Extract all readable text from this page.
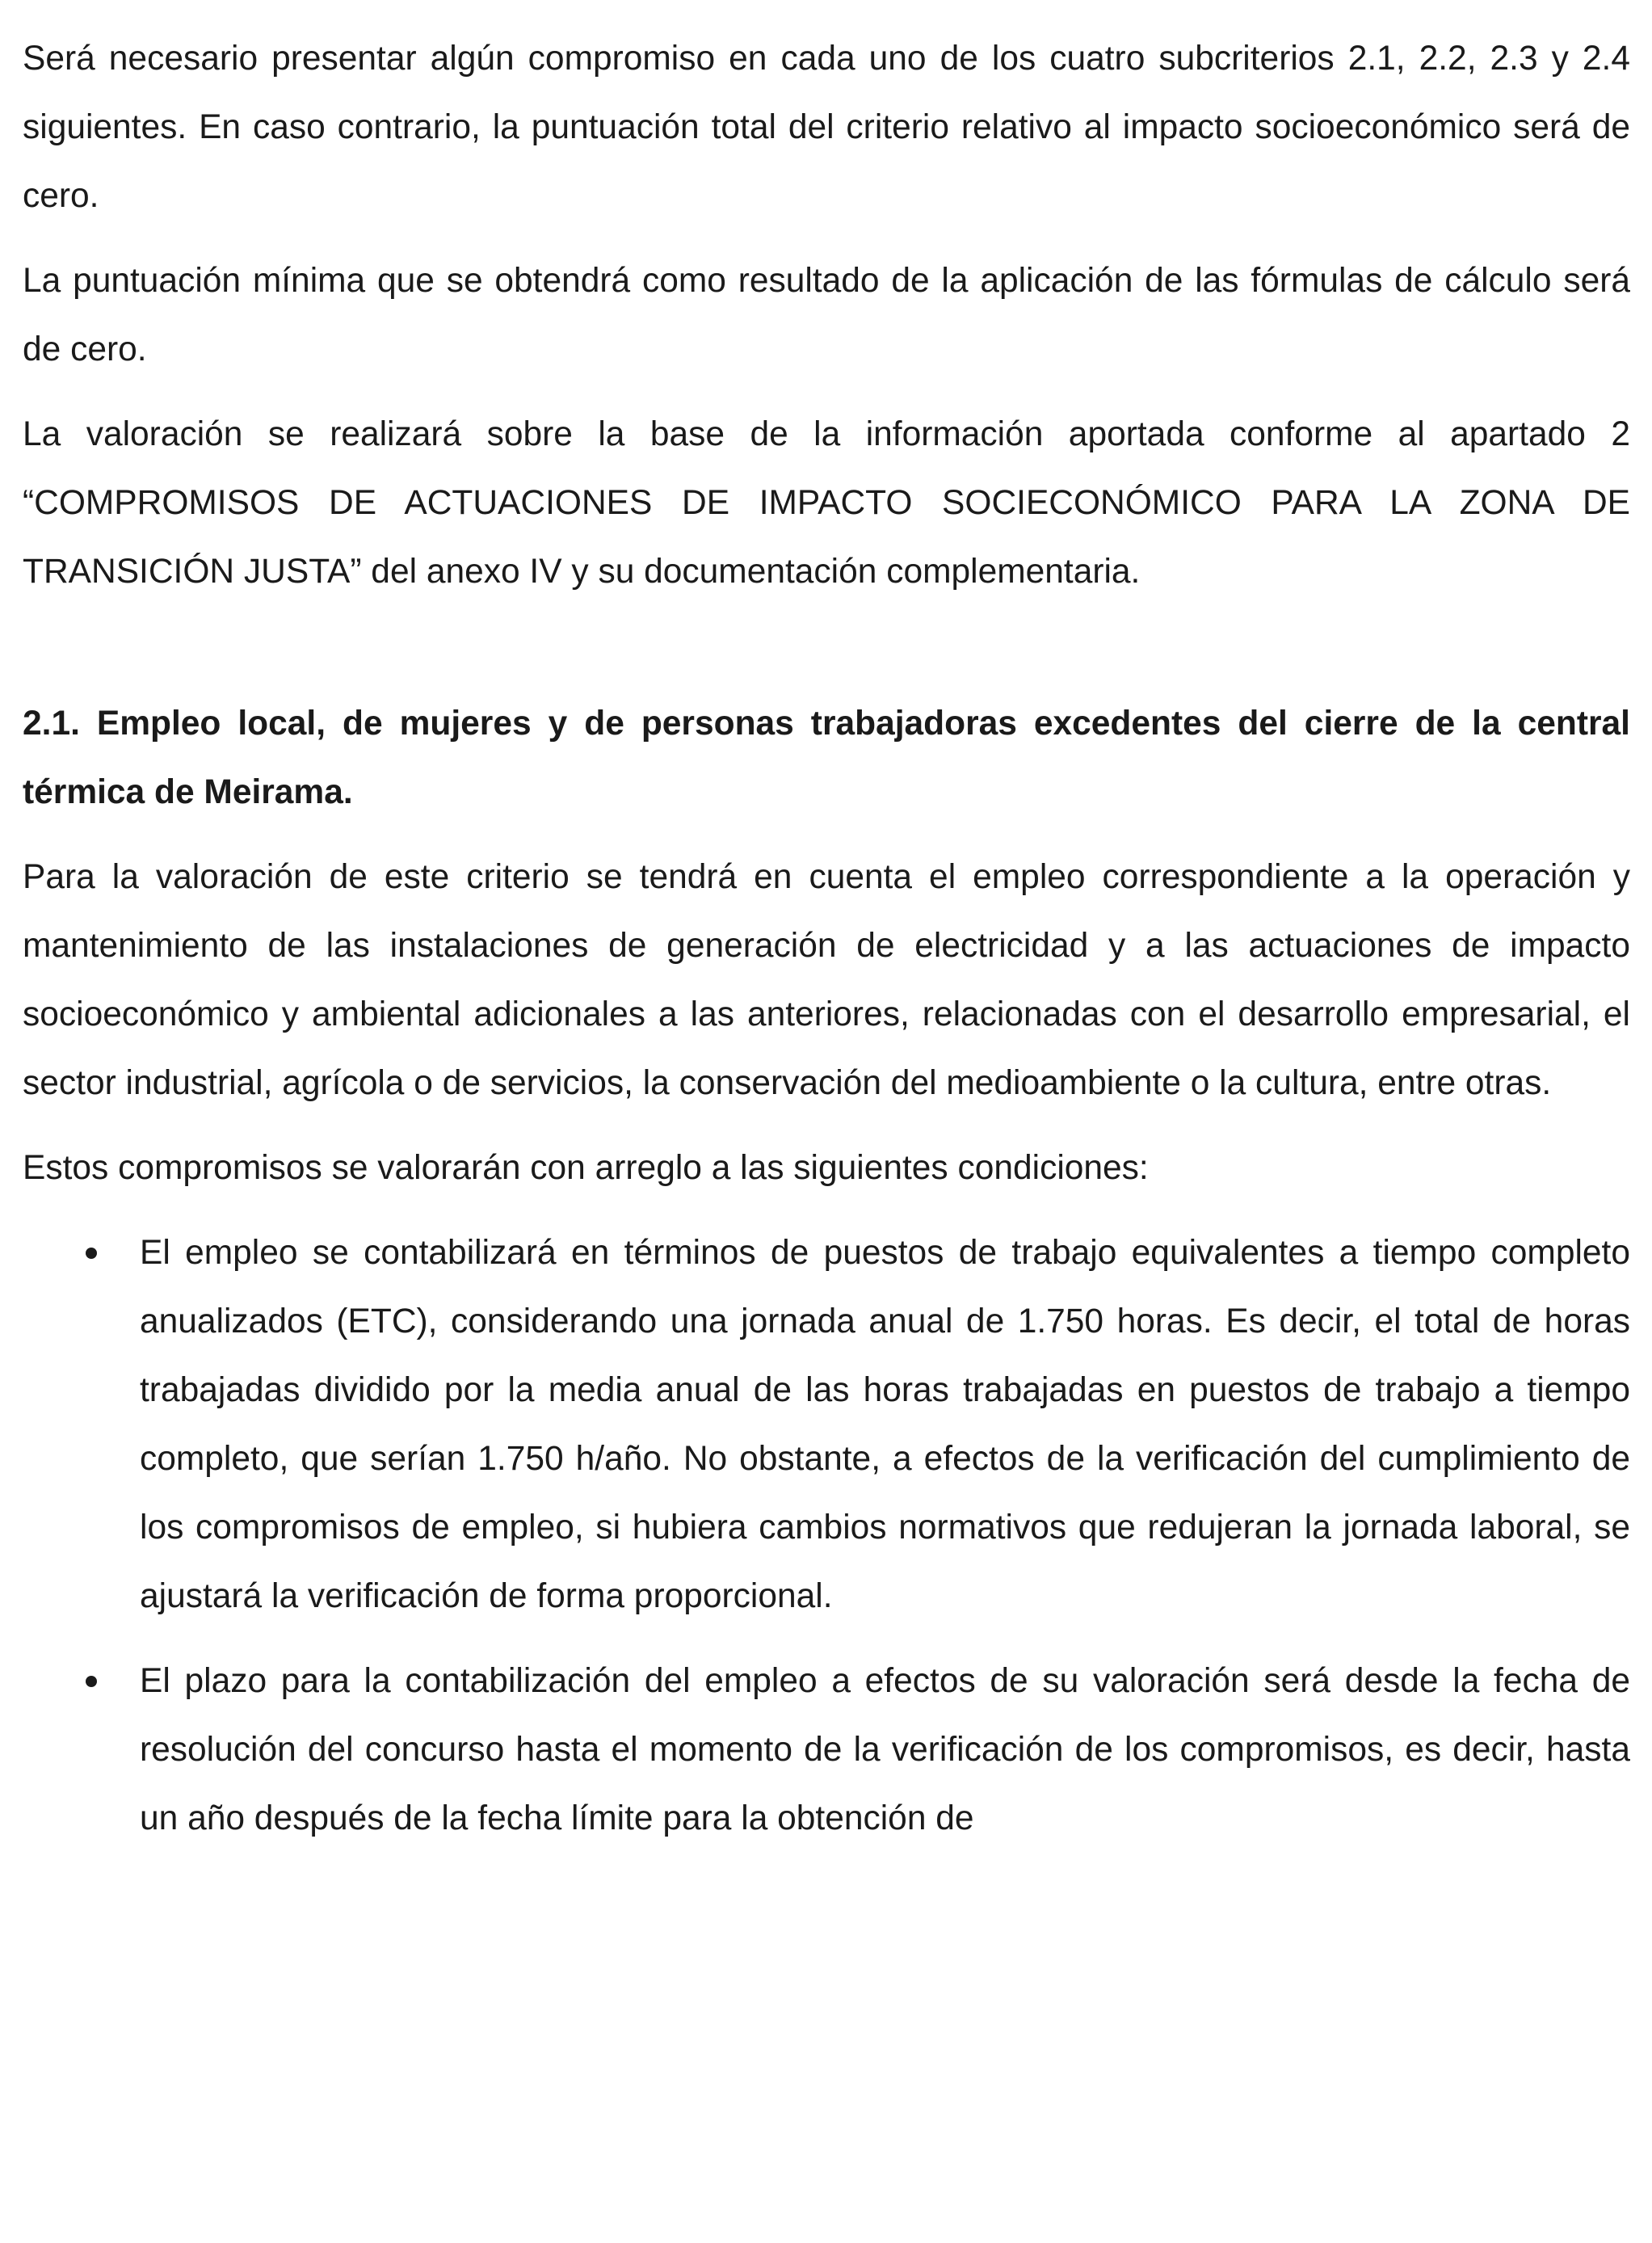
Será necesario presentar algún compromiso en cada uno de los cuatro subcriterios 2.1, 2.2, 2.3 y 2.4 siguientes. En caso contrario, la puntuación total del criterio relativo al impacto socioeconómico será de cero.

La puntuación mínima que se obtendrá como resultado de la aplicación de las fórmulas de cálculo será de cero.

La valoración se realizará sobre la base de la información aportada conforme al apartado 2 “COMPROMISOS DE ACTUACIONES DE IMPACTO SOCIECONÓMICO PARA LA ZONA DE TRANSICIÓN JUSTA” del anexo IV y su documentación complementaria.

2.1. Empleo local, de mujeres y de personas trabajadoras excedentes del cierre de la central térmica de Meirama.

Para la valoración de este criterio se tendrá en cuenta el empleo correspondiente a la operación y mantenimiento de las instalaciones de generación de electricidad y a las actuaciones de impacto socioeconómico y ambiental adicionales a las anteriores, relacionadas con el desarrollo empresarial, el sector industrial, agrícola o de servicios, la conservación del medioambiente o la cultura, entre otras.

Estos compromisos se valorarán con arreglo a las siguientes condiciones:

El empleo se contabilizará en términos de puestos de trabajo equivalentes a tiempo completo anualizados (ETC), considerando una jornada anual de 1.750 horas. Es decir, el total de horas trabajadas dividido por la media anual de las horas trabajadas en puestos de trabajo a tiempo completo, que serían 1.750 h/año. No obstante, a efectos de la verificación del cumplimiento de los compromisos de empleo, si hubiera cambios normativos que redujeran la jornada laboral, se ajustará la verificación de forma proporcional.
El plazo para la contabilización del empleo a efectos de su valoración será desde la fecha de resolución del concurso hasta el momento de la verificación de los compromisos, es decir, hasta un año después de la fecha límite para la obtención de
